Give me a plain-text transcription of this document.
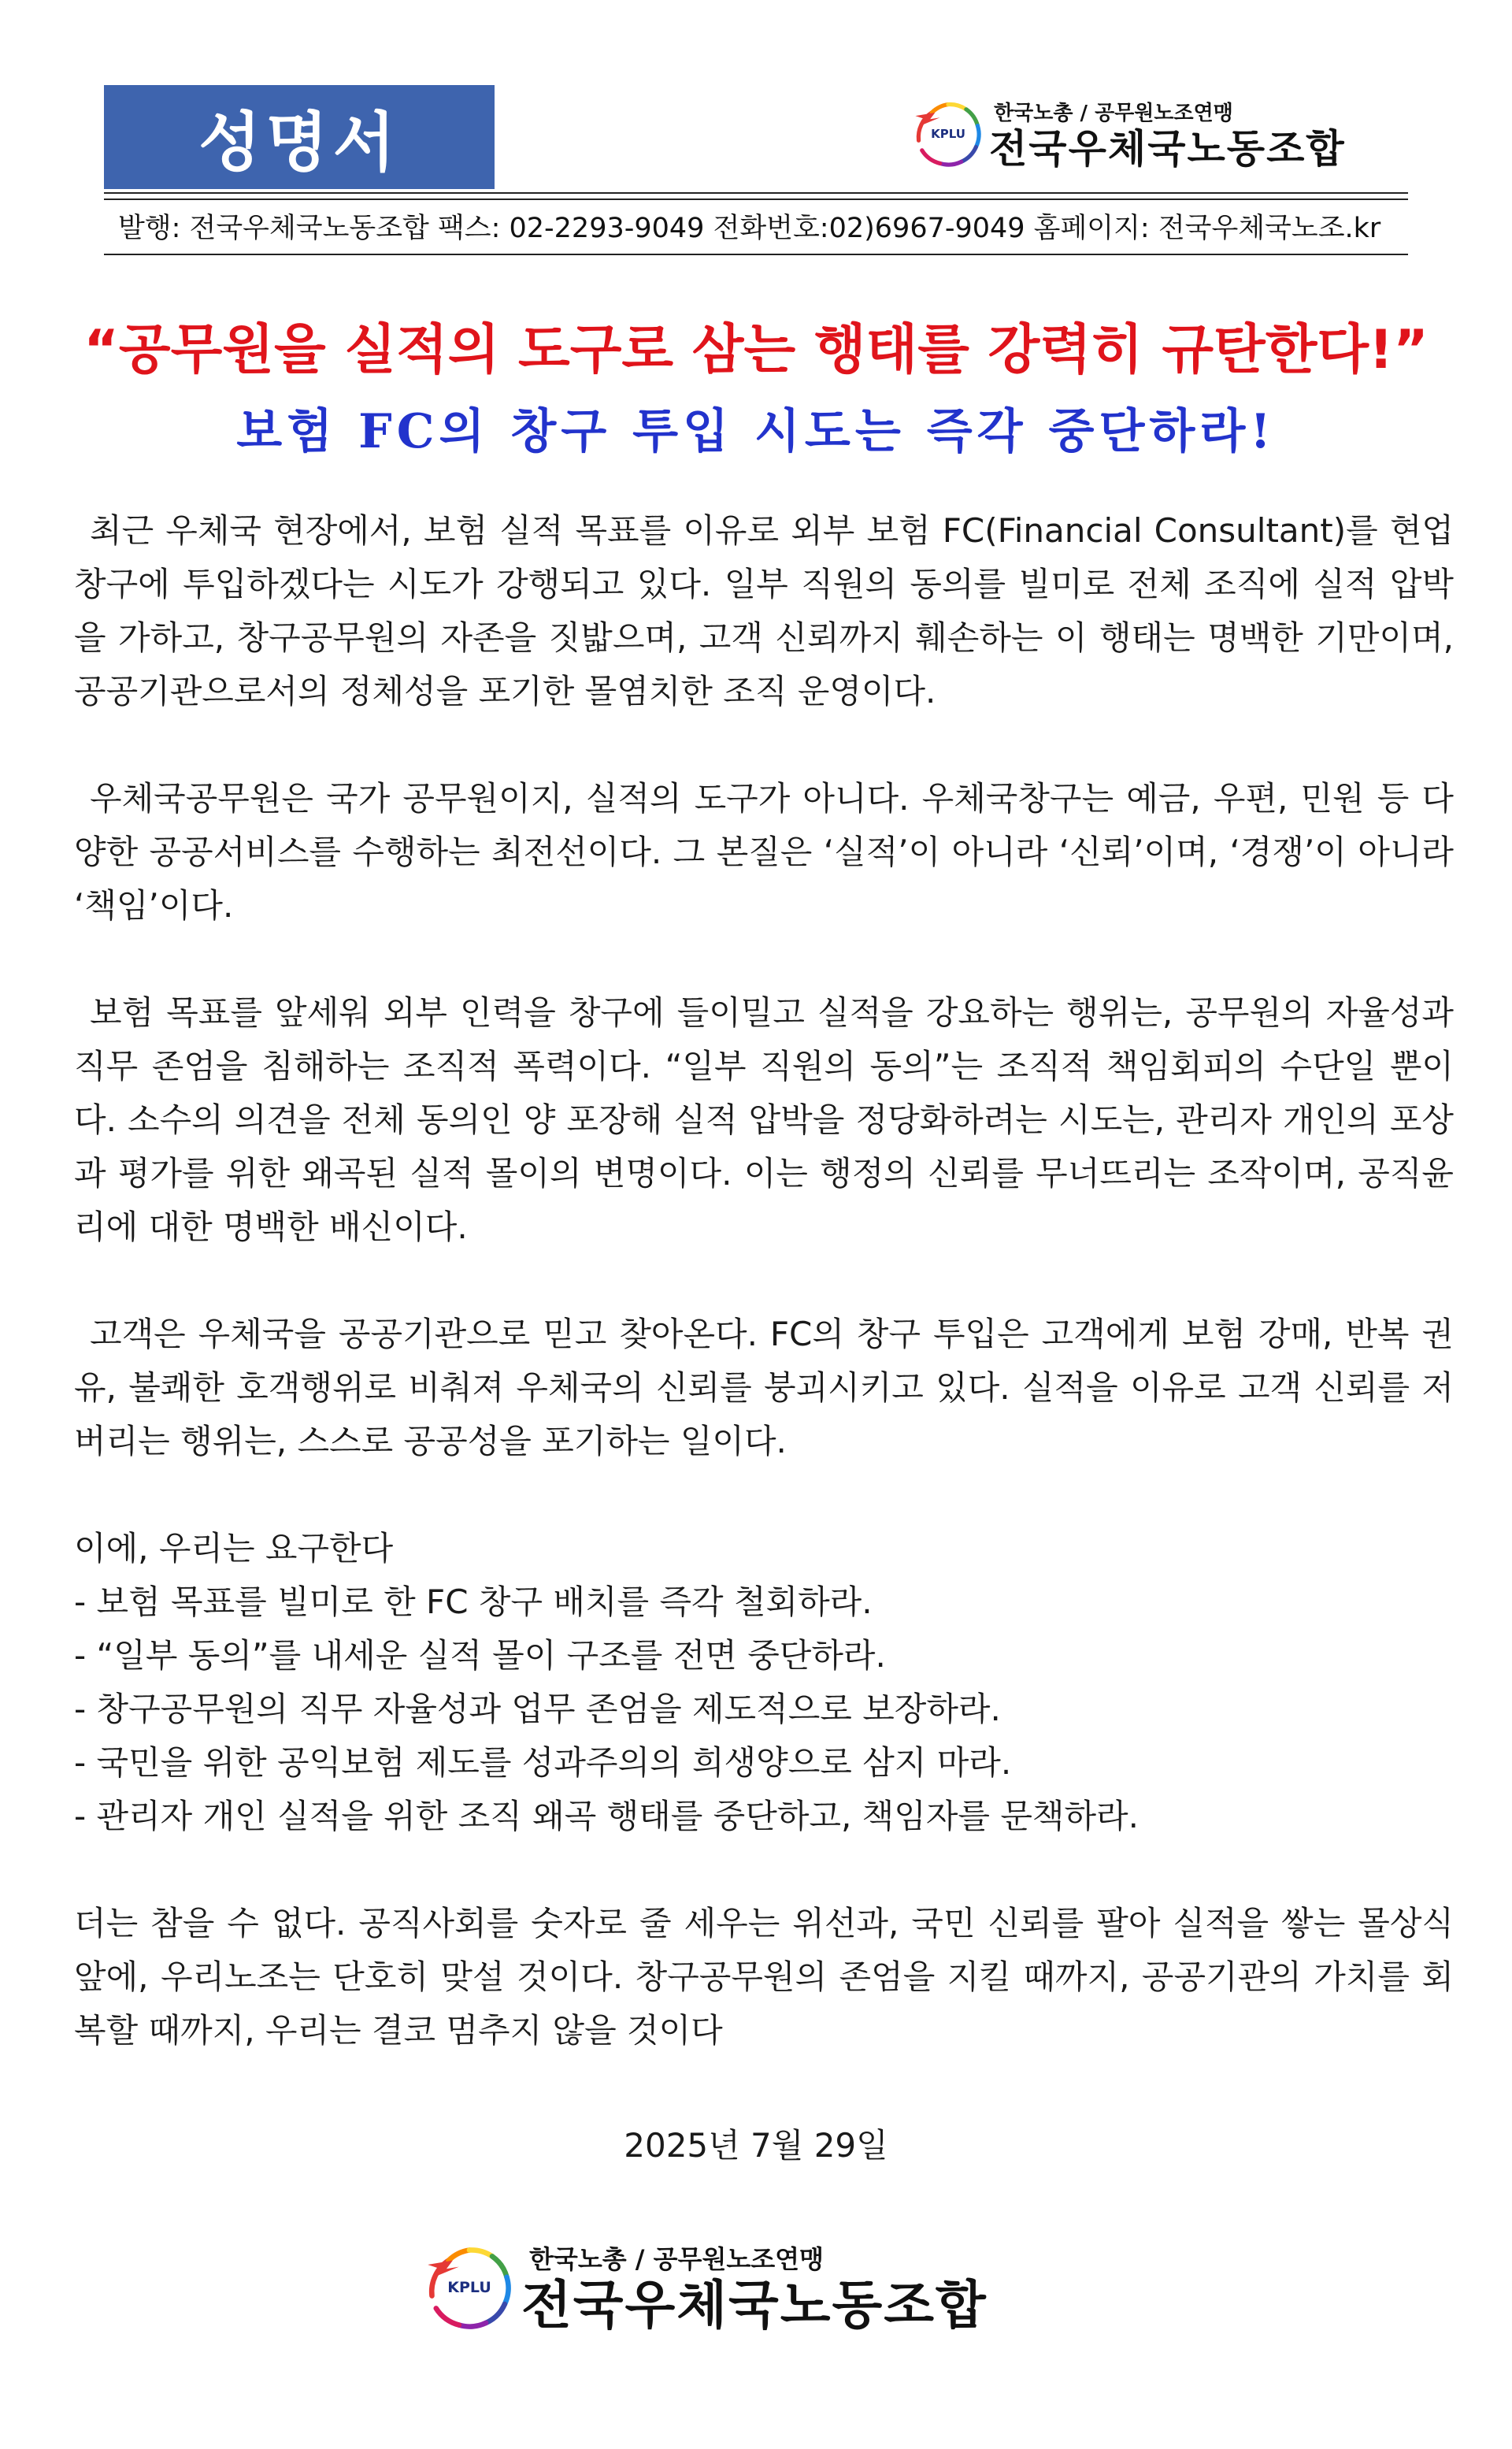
성명서	KPLU
한국노총 / 공무원노조연맹
전국우체국노동조합
발행: 전국우체국노동조합 팩스: 02-2293-9049 전화번호:02)6967-9049 홈페이지: 전국우체국노조.kr
“공무원을 실적의 도구로 삼는 행태를 강력히 규탄한다!”
보험 FC의 창구 투입 시도는 즉각 중단하라!

최근 우체국 현장에서, 보험 실적 목표를 이유로 외부 보험 FC(Financial Consultant)를 현업 창구에 투입하겠다는 시도가 강행되고 있다. 일부 직원의 동의를 빌미로 전체 조직에 실적 압박을 가하고, 창구공무원의 자존을 짓밟으며, 고객 신뢰까지 훼손하는 이 행태는 명백한 기만이며, 공공기관으로서의 정체성을 포기한 몰염치한 조직 운영이다.

우체국공무원은 국가 공무원이지, 실적의 도구가 아니다. 우체국창구는 예금, 우편, 민원 등 다양한 공공서비스를 수행하는 최전선이다. 그 본질은 ‘실적’이 아니라 ‘신뢰’이며, ‘경쟁’이 아니라 ‘책임’이다.

보험 목표를 앞세워 외부 인력을 창구에 들이밀고 실적을 강요하는 행위는, 공무원의 자율성과 직무 존엄을 침해하는 조직적 폭력이다. “일부 직원의 동의”는 조직적 책임회피의 수단일 뿐이다. 소수의 의견을 전체 동의인 양 포장해 실적 압박을 정당화하려는 시도는, 관리자 개인의 포상과 평가를 위한 왜곡된 실적 몰이의 변명이다. 이는 행정의 신뢰를 무너뜨리는 조작이며, 공직윤리에 대한 명백한 배신이다.

고객은 우체국을 공공기관으로 믿고 찾아온다. FC의 창구 투입은 고객에게 보험 강매, 반복 권유, 불쾌한 호객행위로 비춰져 우체국의 신뢰를 붕괴시키고 있다. 실적을 이유로 고객 신뢰를 저버리는 행위는, 스스로 공공성을 포기하는 일이다.

이에, 우리는 요구한다
- 보험 목표를 빌미로 한 FC 창구 배치를 즉각 철회하라.
- “일부 동의”를 내세운 실적 몰이 구조를 전면 중단하라.
- 창구공무원의 직무 자율성과 업무 존엄을 제도적으로 보장하라.
- 국민을 위한 공익보험 제도를 성과주의의 희생양으로 삼지 마라.
- 관리자 개인 실적을 위한 조직 왜곡 행태를 중단하고, 책임자를 문책하라.

더는 참을 수 없다. 공직사회를 숫자로 줄 세우는 위선과, 국민 신뢰를 팔아 실적을 쌓는 몰상식 앞에, 우리노조는 단호히 맞설 것이다. 창구공무원의 존엄을 지킬 때까지, 공공기관의 가치를 회복할 때까지, 우리는 결코 멈추지 않을 것이다

2025년 7월 29일
KPLU
한국노총 / 공무원노조연맹
전국우체국노동조합
